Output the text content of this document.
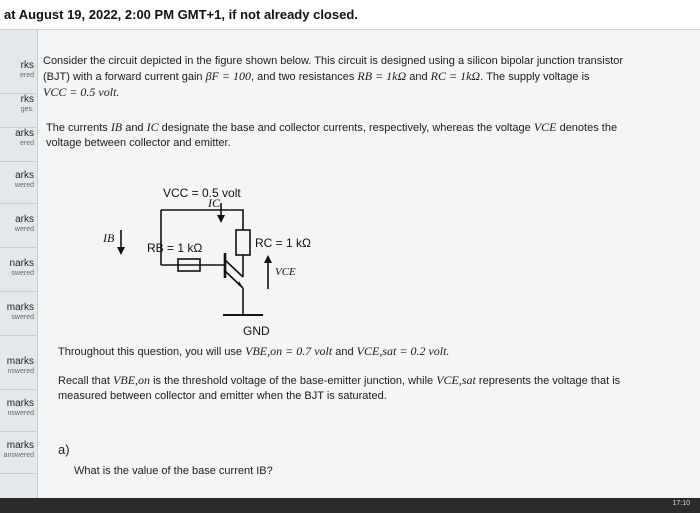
at August 19, 2022, 2:00 PM GMT+1, if not already closed.
rks
ered
rks
ges.
arks
ered
arks
wered
arks
wered
narks
swered
marks
swered
marks
nswered
marks
nswered
marks
answered
Consider the circuit depicted in the figure shown below. This circuit is designed using a silicon bipolar junction transistor
(BJT) with a forward current gain βF = 100, and two resistances RB = 1kΩ and RC = 1kΩ. The supply voltage is
VCC = 0.5 volt.
The currents IB and IC designate the base and collector currents, respectively, whereas the voltage VCE denotes the
voltage between collector and emitter.
VCC = 0.5 volt
IC
IB	RC = 1 kΩ
RB = 1 kΩ
VCE
GND
Throughout this question, you will use VBE,on = 0.7 volt and VCE,sat = 0.2 volt.
Recall that VBE,on is the threshold voltage of the base-emitter junction, while VCE,sat represents the voltage that is
measured between collector and emitter when the BJT is saturated.
a)
What is the value of the base current IB?
17:10
